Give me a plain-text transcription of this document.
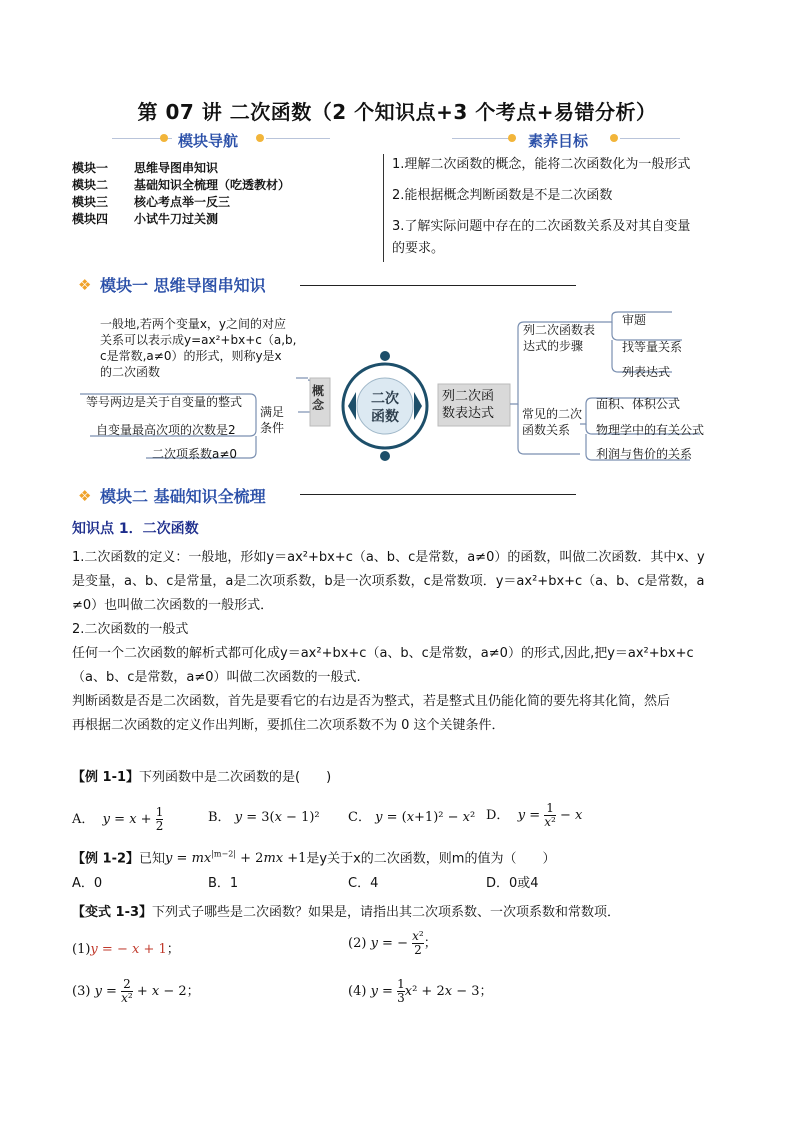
第 07 讲 二次函数（2 个知识点+3 个考点+易错分析）
模块导航
模块一 思维导图串知识
模块二 基础知识全梳理（吃透教材）
模块三 核心考点举一反三
模块四 小试牛刀过关测
素养目标
1.理解二次函数的概念，能将二次函数化为一般形式
2.能根据概念判断函数是不是二次函数
3.了解实际问题中存在的二次函数关系及对其自变量
的要求。
❖ 模块一 思维导图串知识
一般地,若两个变量x，y之间的对应
关系可以表示成y=ax²+bx+c（a,b,
c是常数,a≠0）的形式，则称y是x
的二次函数
等号两边是关于自变量的整式
自变量最高次项的次数是2
二次项系数a≠0
满足
条件
概念	二次
函数
列二次函
数表达式
列二次函数表
达式的步骤
审题
找等量关系
列表达式
常见的二次
函数关系
面积、体积公式
物理学中的有关公式
利润与售价的关系
❖ 模块二 基础知识全梳理
知识点 1．二次函数
1.二次函数的定义：一般地，形如y＝ax²+bx+c（a、b、c是常数，a≠0）的函数，叫做二次函数．其中x、y
是变量，a、b、c是常量，a是二次项系数，b是一次项系数，c是常数项．y＝ax²+bx+c（a、b、c是常数，a
≠0）也叫做二次函数的一般形式．
2.二次函数的一般式
任何一个二次函数的解析式都可化成y＝ax²+bx+c（a、b、c是常数，a≠0）的形式,因此,把y＝ax²+bx+c
（a、b、c是常数，a≠0）叫做二次函数的一般式.
判断函数是否是二次函数，首先是要看它的右边是否为整式，若是整式且仍能化简的要先将其化简，然后
再根据二次函数的定义作出判断，要抓住二次项系数不为 0 这个关键条件．
【例 1-1】下列函数中是二次函数的是(　　)
A． $y = x + \frac{1}{2}$	B． y = 3(x − 1)² C． y = (x+1)² − x² D． $y = \frac{1}{\text{x²}} - x$
【例 1-2】已知$y = mx^{|m-2|} + 2mx +1$是y关于x的二次函数，则m的值为（　　）
A．0	B．1	C．4	D．0或4
【变式 1-3】下列式子哪些是二次函数？如果是，请指出其二次项系数、一次项系数和常数项．
(1)y = − x + 1；	(2) y = − $\frac{\text{x²}}{2}$ ；
(3) $y = \frac{2}{\text{x²}} + x - 2$；	(4) $y = \frac{1}{3} x^2 + 2x - 3$；
